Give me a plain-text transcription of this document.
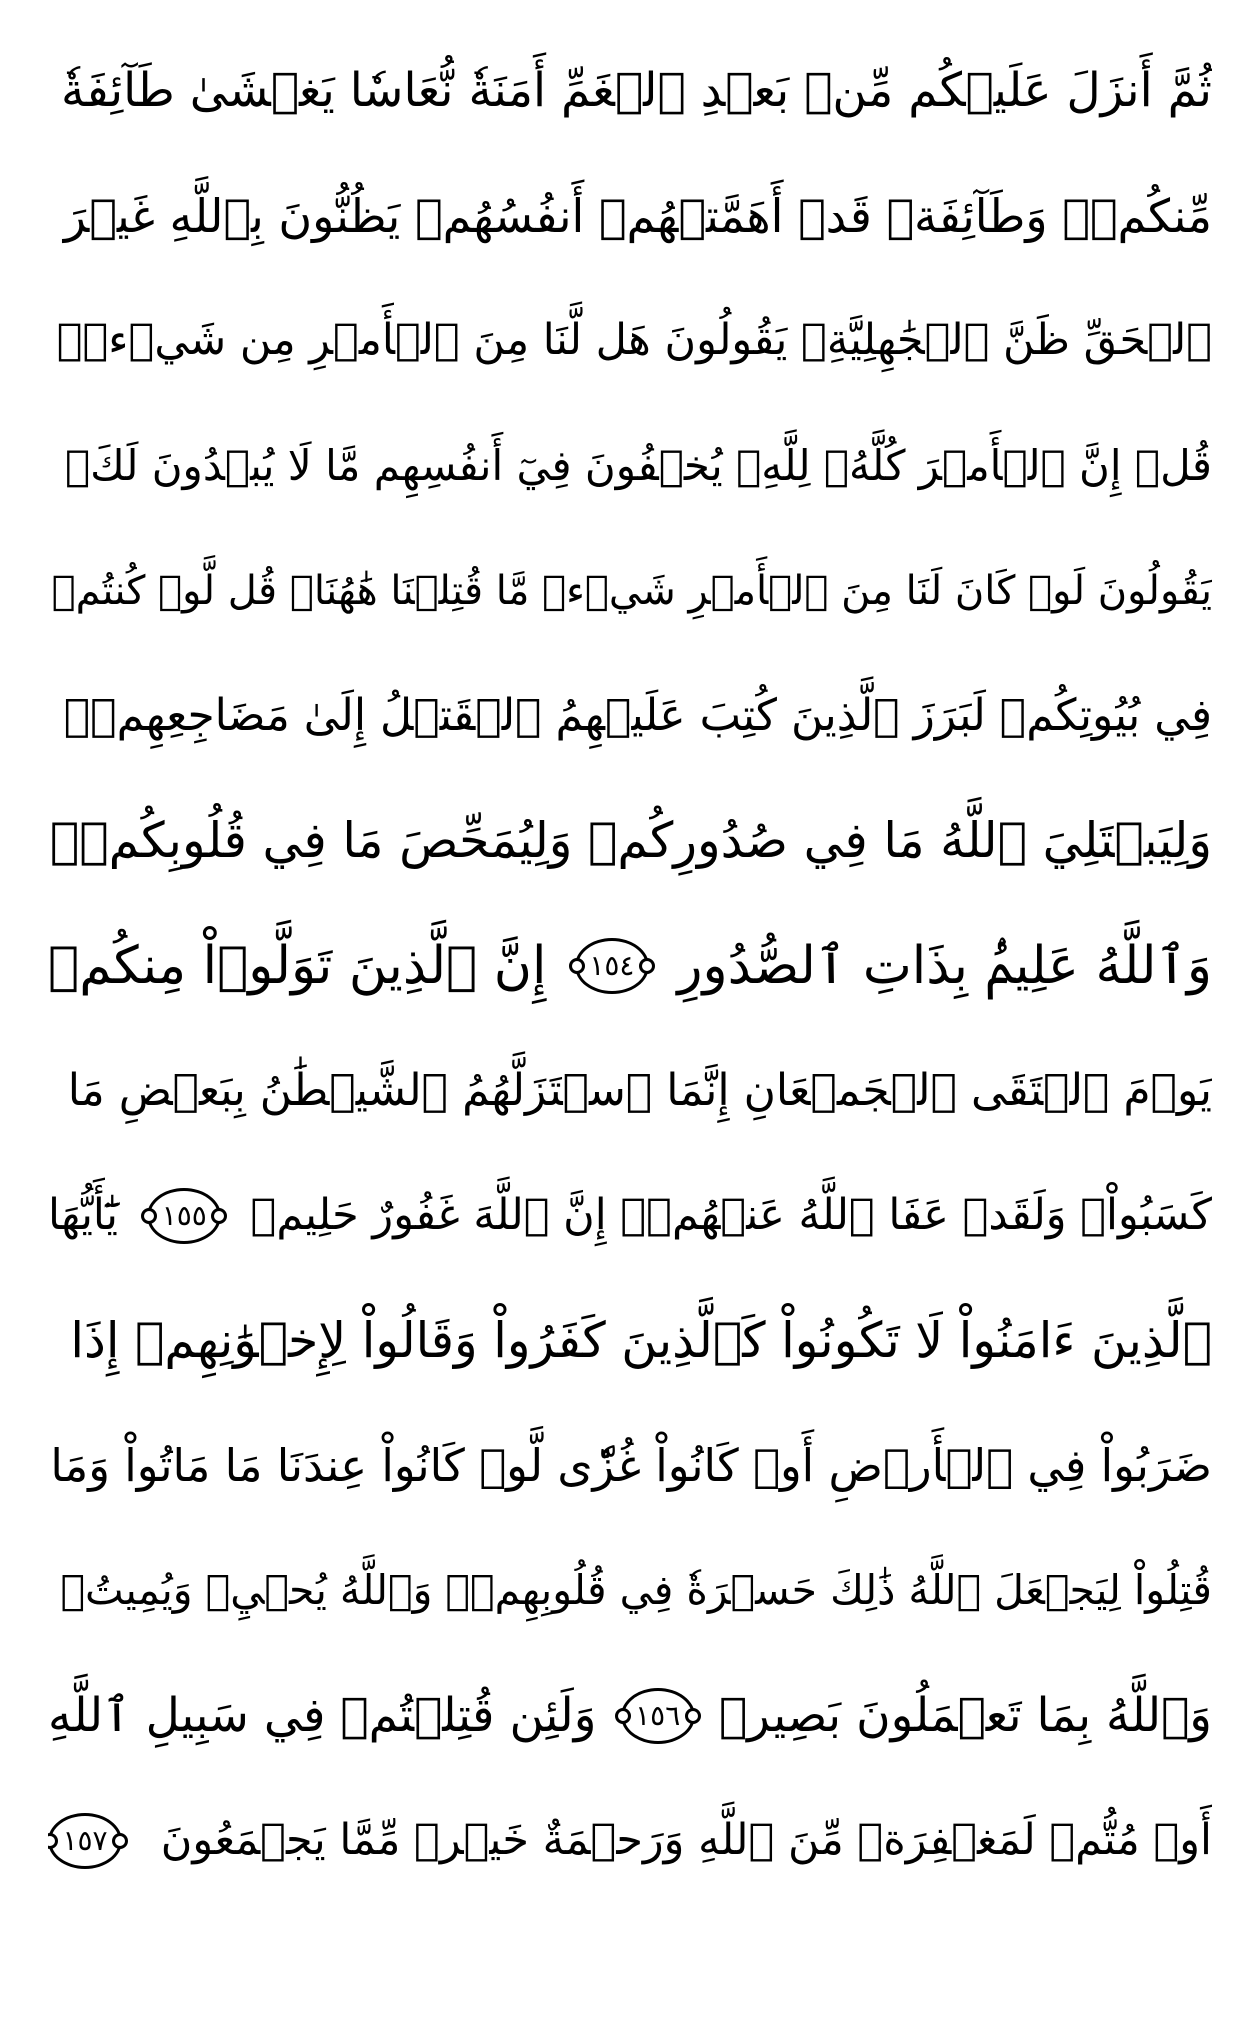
ثُمَّ أَنزَلَ عَلَيۡكُم مِّنۢ بَعۡدِ ٱلۡغَمِّ أَمَنَةٗ نُّعَاسٗا يَغۡشَىٰ طَآئِفَةٗ
مِّنكُمۡۖ وَطَآئِفَةٞ قَدۡ أَهَمَّتۡهُمۡ أَنفُسُهُمۡ يَظُنُّونَ بِٱللَّهِ غَيۡرَ
ٱلۡحَقِّ ظَنَّ ٱلۡجَٰهِلِيَّةِۖ يَقُولُونَ هَل لَّنَا مِنَ ٱلۡأَمۡرِ مِن شَيۡءٖۗ
قُلۡ إِنَّ ٱلۡأَمۡرَ كُلَّهُۥ لِلَّهِۗ يُخۡفُونَ فِيٓ أَنفُسِهِم مَّا لَا يُبۡدُونَ لَكَۖ
يَقُولُونَ لَوۡ كَانَ لَنَا مِنَ ٱلۡأَمۡرِ شَيۡءٞ مَّا قُتِلۡنَا هَٰهُنَاۗ قُل لَّوۡ كُنتُمۡ
فِي بُيُوتِكُمۡ لَبَرَزَ ٱلَّذِينَ كُتِبَ عَلَيۡهِمُ ٱلۡقَتۡلُ إِلَىٰ مَضَاجِعِهِمۡۖ
وَلِيَبۡتَلِيَ ٱللَّهُ مَا فِي صُدُورِكُمۡ وَلِيُمَحِّصَ مَا فِي قُلُوبِكُمۡۚ
وَٱللَّهُ عَلِيمُۢ بِذَاتِ ٱلصُّدُورِ
١٥٤
إِنَّ ٱلَّذِينَ تَوَلَّوۡاْ مِنكُمۡ
يَوۡمَ ٱلۡتَقَى ٱلۡجَمۡعَانِ إِنَّمَا ٱسۡتَزَلَّهُمُ ٱلشَّيۡطَٰنُ بِبَعۡضِ مَا
كَسَبُواْۖ وَلَقَدۡ عَفَا ٱللَّهُ عَنۡهُمۡۗ إِنَّ ٱللَّهَ غَفُورٌ حَلِيمٞ
١٥٥
يَٰٓأَيُّهَا
ٱلَّذِينَ ءَامَنُواْ لَا تَكُونُواْ كَٱلَّذِينَ كَفَرُواْ وَقَالُواْ لِإِخۡوَٰنِهِمۡ إِذَا
ضَرَبُواْ فِي ٱلۡأَرۡضِ أَوۡ كَانُواْ غُزّٗى لَّوۡ كَانُواْ عِندَنَا مَا مَاتُواْ وَمَا
قُتِلُواْ لِيَجۡعَلَ ٱللَّهُ ذَٰلِكَ حَسۡرَةٗ فِي قُلُوبِهِمۡۗ وَٱللَّهُ يُحۡيِۦ وَيُمِيتُۗ
وَٱللَّهُ بِمَا تَعۡمَلُونَ بَصِيرٞ
١٥٦
وَلَئِن قُتِلۡتُمۡ فِي سَبِيلِ ٱللَّهِ
أَوۡ مُتُّمۡ لَمَغۡفِرَةٞ مِّنَ ٱللَّهِ وَرَحۡمَةٌ خَيۡرٞ مِّمَّا يَجۡمَعُونَ
١٥٧
